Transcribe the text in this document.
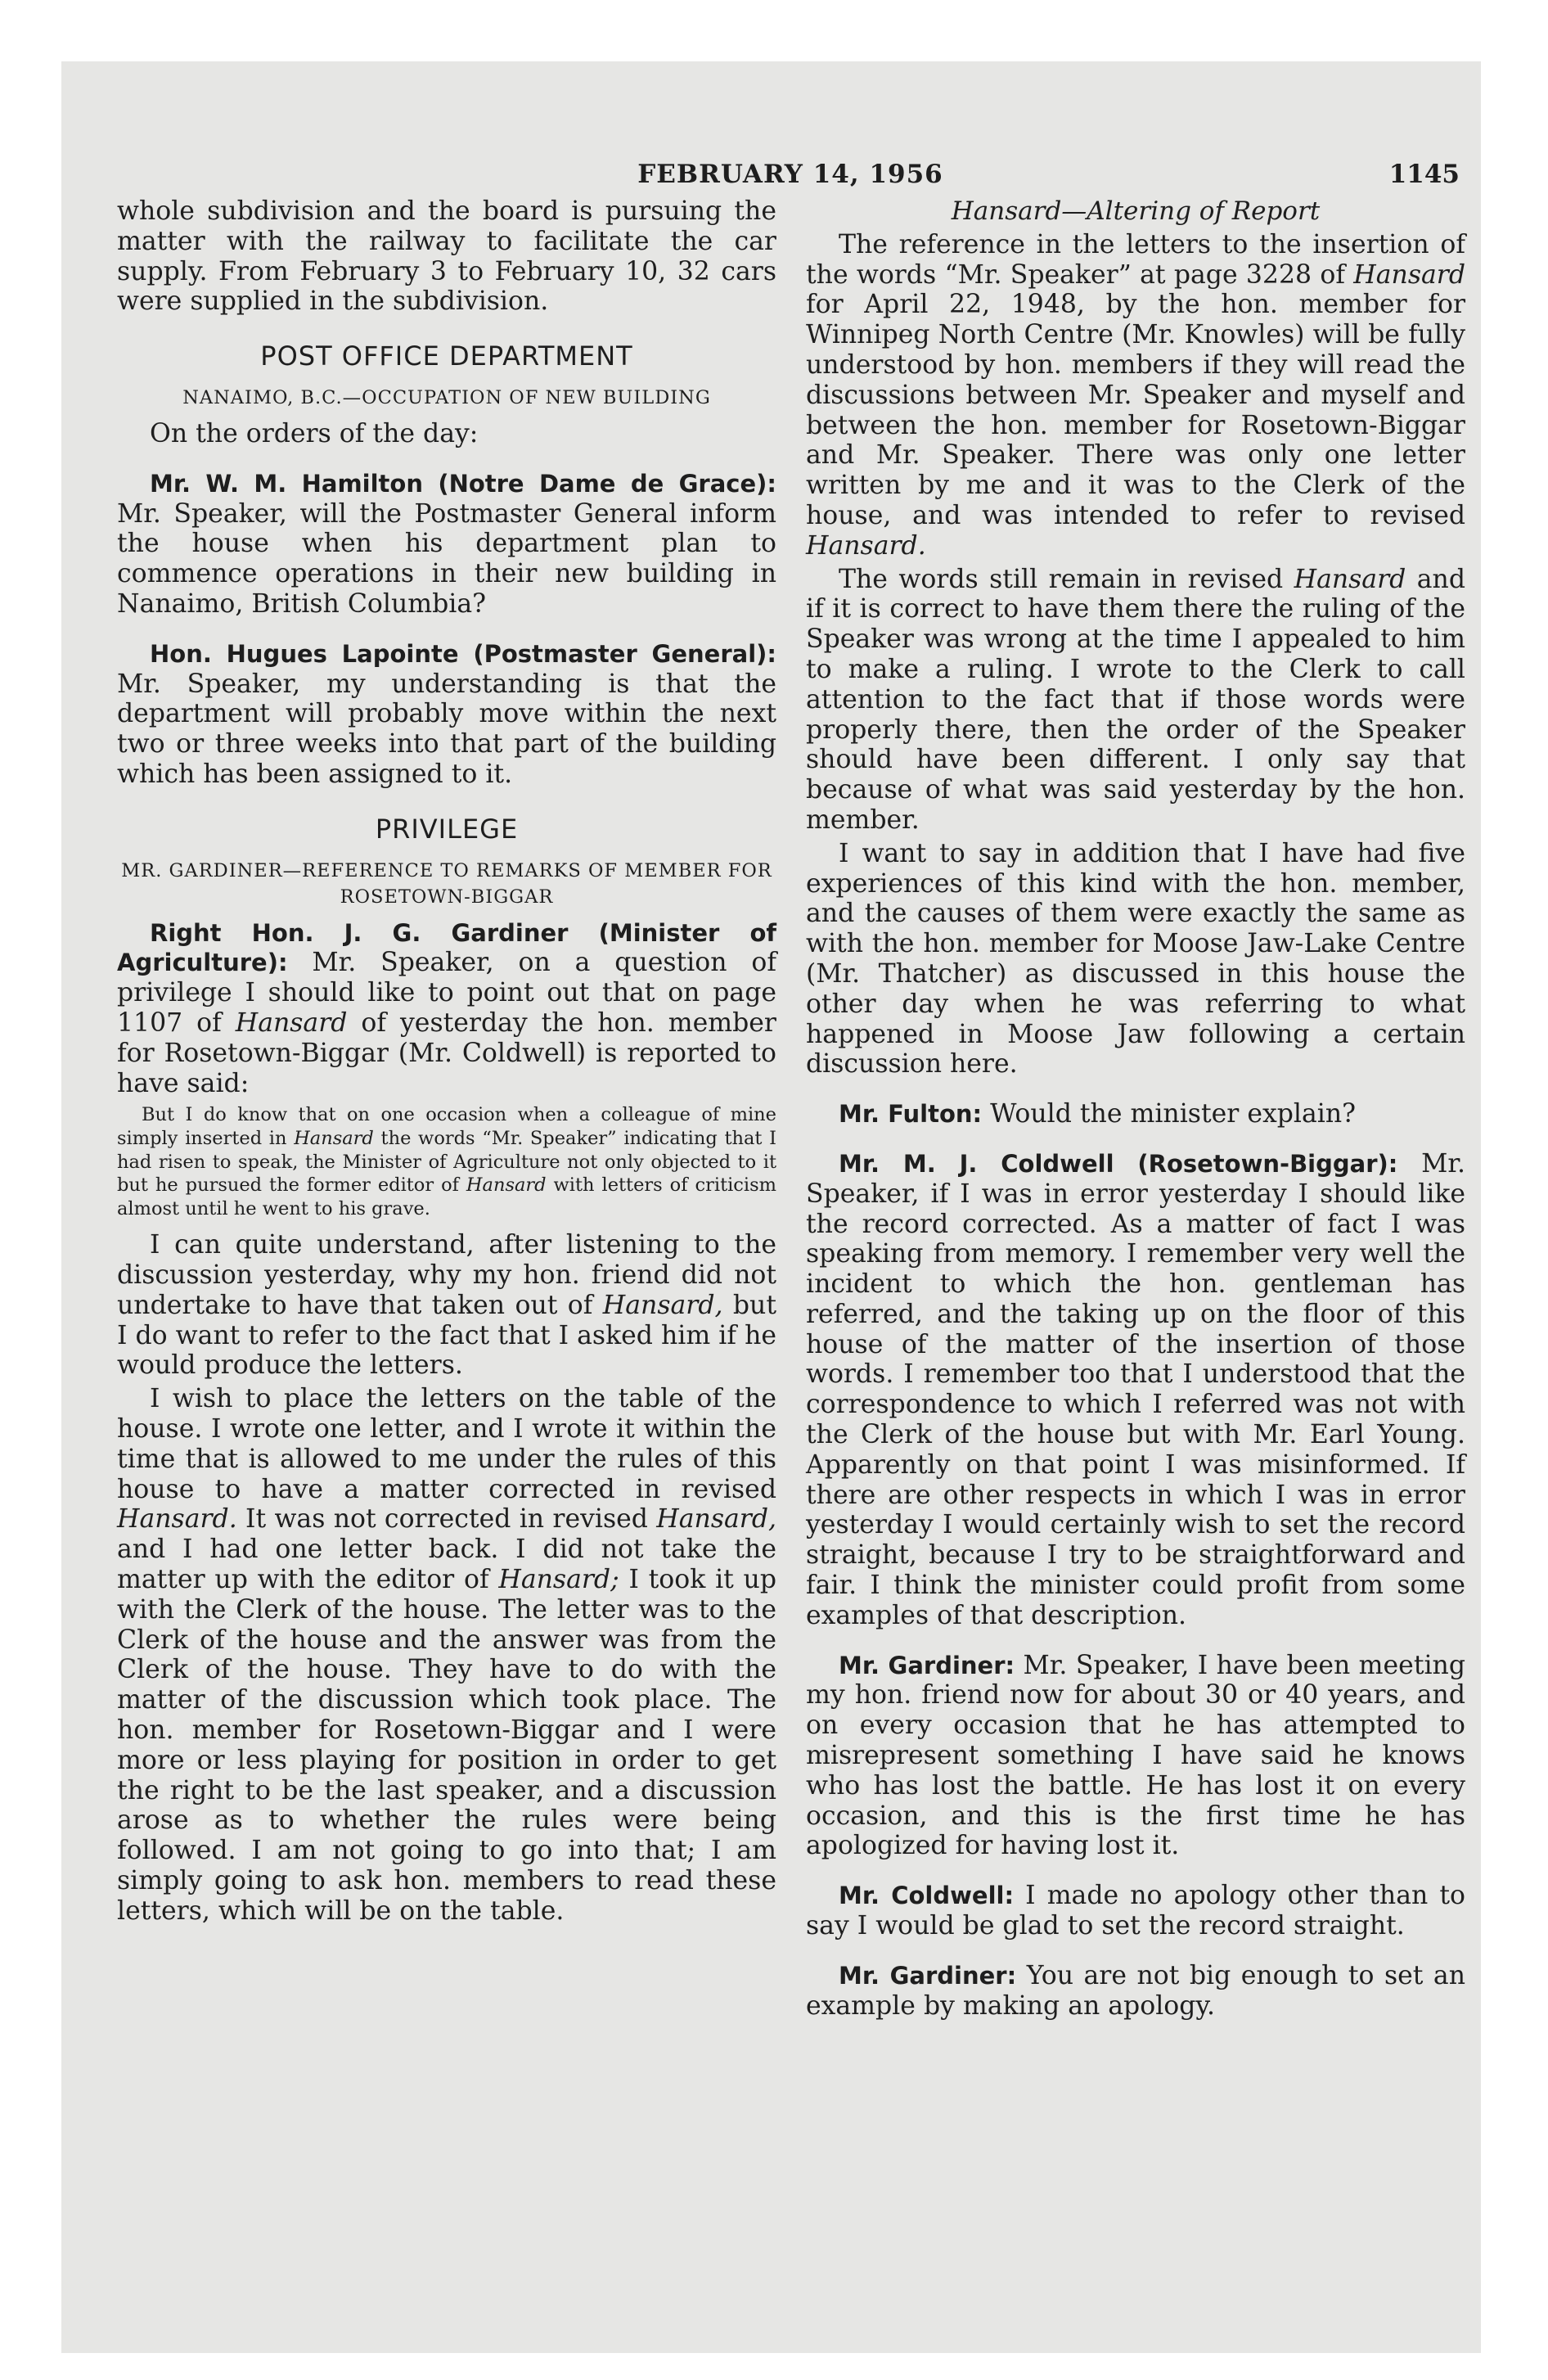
FEBRUARY 14, 1956	1145

whole subdivision and the board is pursuing the matter with the railway to facilitate the car supply. From February 3 to February 10, 32 cars were supplied in the subdivision.

POST OFFICE DEPARTMENT
NANAIMO, B.C.—OCCUPATION OF NEW BUILDING

On the orders of the day:

Mr. W. M. Hamilton (Notre Dame de Grace): Mr. Speaker, will the Postmaster General inform the house when his department plan to commence operations in their new building in Nanaimo, British Columbia?

Hon. Hugues Lapointe (Postmaster General): Mr. Speaker, my understanding is that the department will probably move within the next two or three weeks into that part of the building which has been assigned to it.

PRIVILEGE
MR. GARDINER—REFERENCE TO REMARKS OF MEMBER FOR ROSETOWN-BIGGAR

Right Hon. J. G. Gardiner (Minister of Agriculture): Mr. Speaker, on a question of privilege I should like to point out that on page 1107 of Hansard of yesterday the hon. member for Rosetown-Biggar (Mr. Coldwell) is reported to have said:

But I do know that on one occasion when a colleague of mine simply inserted in Hansard the words “Mr. Speaker” indicating that I had risen to speak, the Minister of Agriculture not only objected to it but he pursued the former editor of Hansard with letters of criticism almost until he went to his grave.

I can quite understand, after listening to the discussion yesterday, why my hon. friend did not undertake to have that taken out of Hansard, but I do want to refer to the fact that I asked him if he would produce the letters.

I wish to place the letters on the table of the house. I wrote one letter, and I wrote it within the time that is allowed to me under the rules of this house to have a matter corrected in revised Hansard. It was not corrected in revised Hansard, and I had one letter back. I did not take the matter up with the editor of Hansard; I took it up with the Clerk of the house. The letter was to the Clerk of the house and the answer was from the Clerk of the house. They have to do with the matter of the discussion which took place. The hon. member for Rosetown-Biggar and I were more or less playing for position in order to get the right to be the last speaker, and a discussion arose as to whether the rules were being followed. I am not going to go into that; I am simply going to ask hon. members to read these letters, which will be on the table.

Hansard—Altering of Report

The reference in the letters to the insertion of the words “Mr. Speaker” at page 3228 of Hansard for April 22, 1948, by the hon. member for Winnipeg North Centre (Mr. Knowles) will be fully understood by hon. members if they will read the discussions between Mr. Speaker and myself and between the hon. member for Rosetown-Biggar and Mr. Speaker. There was only one letter written by me and it was to the Clerk of the house, and was intended to refer to revised Hansard.

The words still remain in revised Hansard and if it is correct to have them there the ruling of the Speaker was wrong at the time I appealed to him to make a ruling. I wrote to the Clerk to call attention to the fact that if those words were properly there, then the order of the Speaker should have been different. I only say that because of what was said yesterday by the hon. member.

I want to say in addition that I have had five experiences of this kind with the hon. member, and the causes of them were exactly the same as with the hon. member for Moose Jaw-Lake Centre (Mr. Thatcher) as discussed in this house the other day when he was referring to what happened in Moose Jaw following a certain discussion here.

Mr. Fulton: Would the minister explain?

Mr. M. J. Coldwell (Rosetown-Biggar): Mr. Speaker, if I was in error yesterday I should like the record corrected. As a matter of fact I was speaking from memory. I remember very well the incident to which the hon. gentleman has referred, and the taking up on the floor of this house of the matter of the insertion of those words. I remember too that I understood that the correspondence to which I referred was not with the Clerk of the house but with Mr. Earl Young. Apparently on that point I was misinformed. If there are other respects in which I was in error yesterday I would certainly wish to set the record straight, because I try to be straightforward and fair. I think the minister could profit from some examples of that description.

Mr. Gardiner: Mr. Speaker, I have been meeting my hon. friend now for about 30 or 40 years, and on every occasion that he has attempted to misrepresent something I have said he knows who has lost the battle. He has lost it on every occasion, and this is the first time he has apologized for having lost it.

Mr. Coldwell: I made no apology other than to say I would be glad to set the record straight.

Mr. Gardiner: You are not big enough to set an example by making an apology.
